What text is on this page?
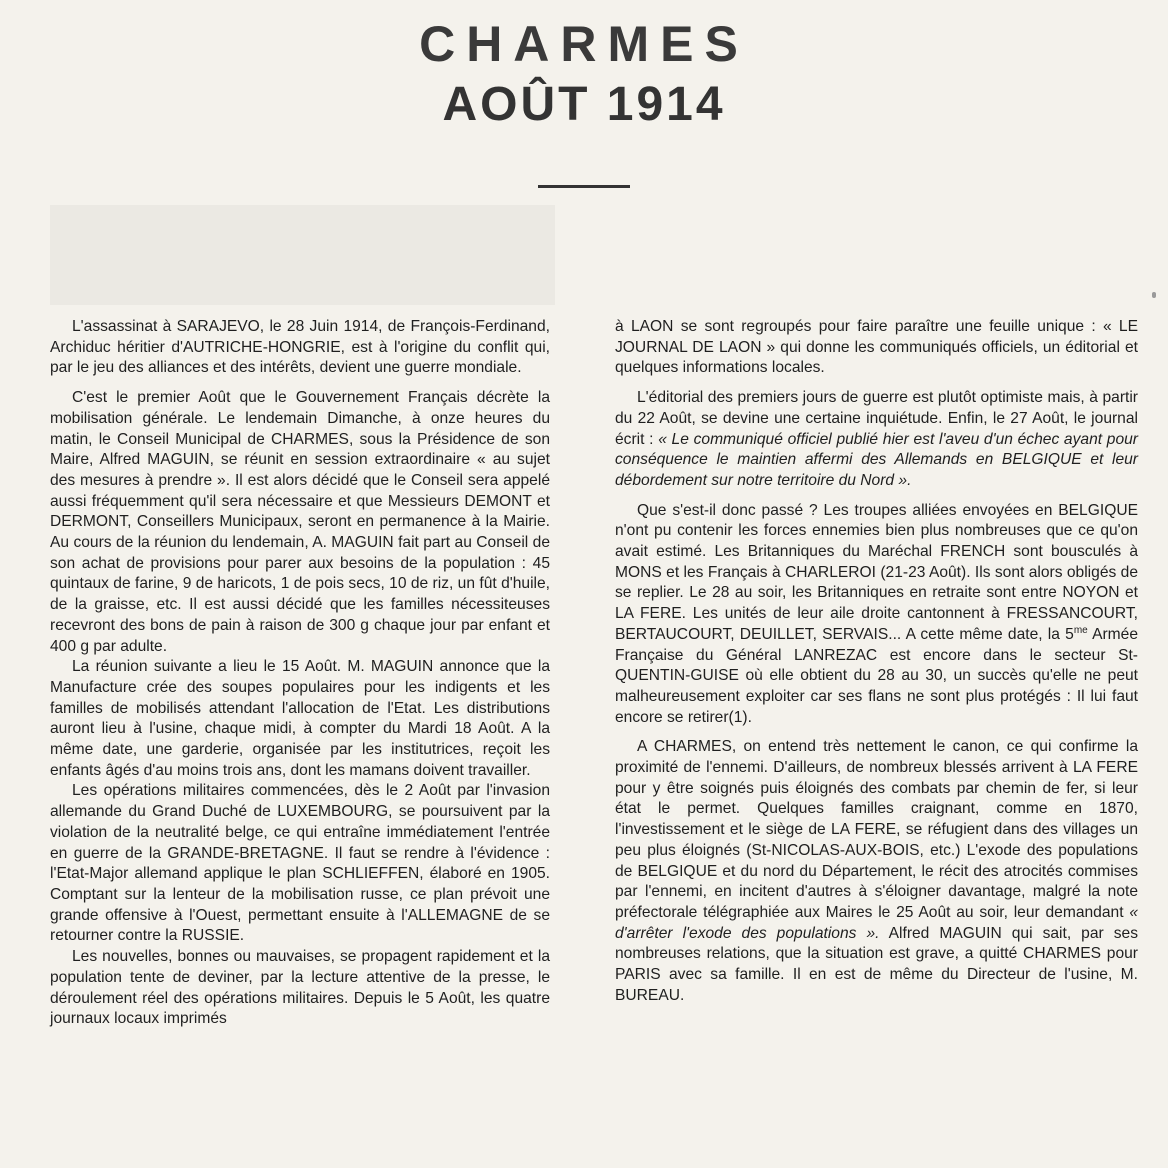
CHARMES
AOÛT 1914

L'assassinat à SARAJEVO, le 28 Juin 1914, de François-Ferdinand, Archiduc héritier d'AUTRICHE-HONGRIE, est à l'origine du conflit qui, par le jeu des alliances et des intérêts, devient une guerre mondiale.

C'est le premier Août que le Gouvernement Français décrète la mobilisation générale. Le lendemain Dimanche, à onze heures du matin, le Conseil Municipal de CHARMES, sous la Présidence de son Maire, Alfred MAGUIN, se réunit en session extraordinaire « au sujet des mesures à prendre ». Il est alors décidé que le Conseil sera appelé aussi fréquemment qu'il sera nécessaire et que Messieurs DEMONT et DERMONT, Conseillers Municipaux, seront en permanence à la Mairie. Au cours de la réunion du lendemain, A. MAGUIN fait part au Conseil de son achat de provisions pour parer aux besoins de la population : 45 quintaux de farine, 9 de haricots, 1 de pois secs, 10 de riz, un fût d'huile, de la graisse, etc. Il est aussi décidé que les familles nécessiteuses recevront des bons de pain à raison de 300 g chaque jour par enfant et 400 g par adulte.

La réunion suivante a lieu le 15 Août. M. MAGUIN annonce que la Manufacture crée des soupes populaires pour les indigents et les familles de mobilisés attendant l'allocation de l'Etat. Les distributions auront lieu à l'usine, chaque midi, à compter du Mardi 18 Août. A la même date, une garderie, organisée par les institutrices, reçoit les enfants âgés d'au moins trois ans, dont les mamans doivent travailler.

Les opérations militaires commencées, dès le 2 Août par l'invasion allemande du Grand Duché de LUXEMBOURG, se poursuivent par la violation de la neutralité belge, ce qui entraîne immédiatement l'entrée en guerre de la GRANDE-BRETAGNE. Il faut se rendre à l'évidence : l'Etat-Major allemand applique le plan SCHLIEFFEN, élaboré en 1905. Comptant sur la lenteur de la mobilisation russe, ce plan prévoit une grande offensive à l'Ouest, permettant ensuite à l'ALLEMAGNE de se retourner contre la RUSSIE.

Les nouvelles, bonnes ou mauvaises, se propagent rapidement et la population tente de deviner, par la lecture attentive de la presse, le déroulement réel des opérations militaires. Depuis le 5 Août, les quatre journaux locaux imprimés

à LAON se sont regroupés pour faire paraître une feuille unique : « LE JOURNAL DE LAON » qui donne les communiqués officiels, un éditorial et quelques informations locales.

L'éditorial des premiers jours de guerre est plutôt optimiste mais, à partir du 22 Août, se devine une certaine inquiétude. Enfin, le 27 Août, le journal écrit : « Le communiqué officiel publié hier est l'aveu d'un échec ayant pour conséquence le maintien affermi des Allemands en BELGIQUE et leur débordement sur notre territoire du Nord ».

Que s'est-il donc passé ? Les troupes alliées envoyées en BELGIQUE n'ont pu contenir les forces ennemies bien plus nombreuses que ce qu'on avait estimé. Les Britanniques du Maréchal FRENCH sont bousculés à MONS et les Français à CHARLEROI (21-23 Août). Ils sont alors obligés de se replier. Le 28 au soir, les Britanniques en retraite sont entre NOYON et LA FERE. Les unités de leur aile droite cantonnent à FRESSANCOURT, BERTAUCOURT, DEUILLET, SERVAIS... A cette même date, la $5^{me}$ Armée Française du Général LANREZAC est encore dans le secteur St-QUENTIN-GUISE où elle obtient du 28 au 30, un succès qu'elle ne peut malheureusement exploiter car ses flans ne sont plus protégés : Il lui faut encore se retirer(1).

A CHARMES, on entend très nettement le canon, ce qui confirme la proximité de l'ennemi. D'ailleurs, de nombreux blessés arrivent à LA FERE pour y être soignés puis éloignés des combats par chemin de fer, si leur état le permet. Quelques familles craignant, comme en 1870, l'investissement et le siège de LA FERE, se réfugient dans des villages un peu plus éloignés (St-NICOLAS-AUX-BOIS, etc.) L'exode des populations de BELGIQUE et du nord du Département, le récit des atrocités commises par l'ennemi, en incitent d'autres à s'éloigner davantage, malgré la note préfectorale télégraphiée aux Maires le 25 Août au soir, leur demandant « d'arrêter l'exode des populations ». Alfred MAGUIN qui sait, par ses nombreuses relations, que la situation est grave, a quitté CHARMES pour PARIS avec sa famille. Il en est de même du Directeur de l'usine, M. BUREAU.
